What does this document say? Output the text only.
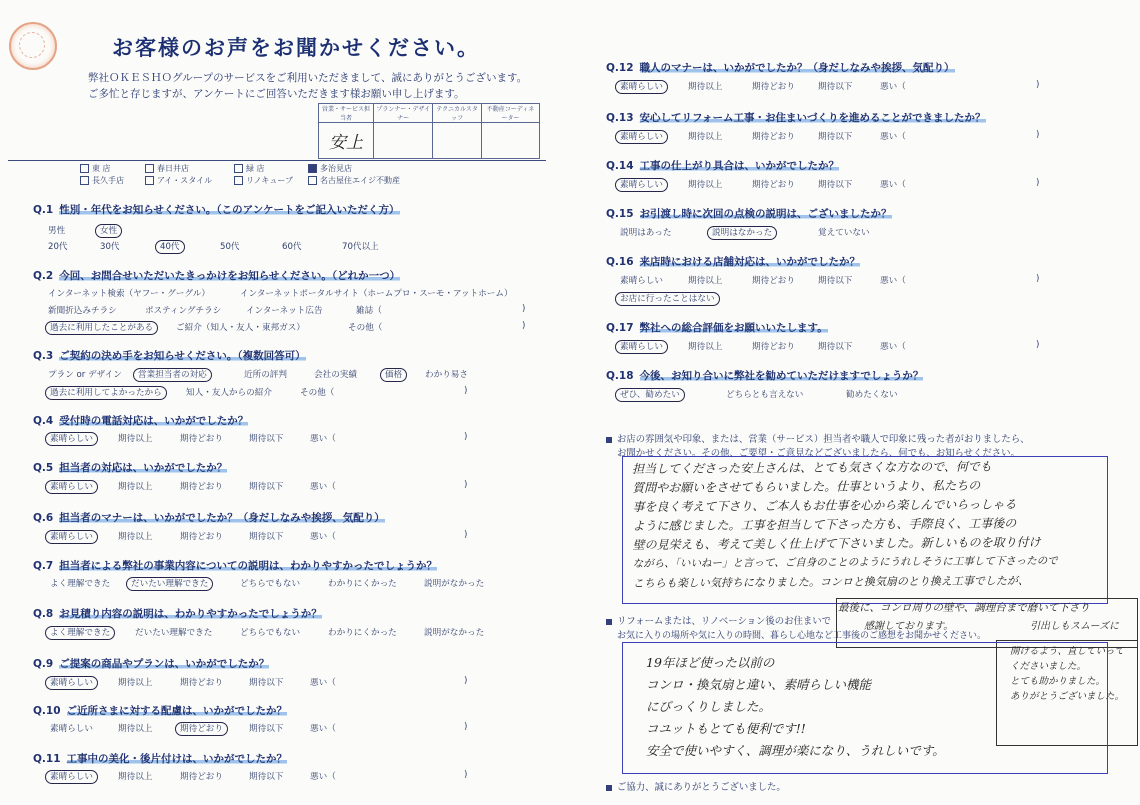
お客様のお声をお聞かせください。
弊社ＯＫＥＳＨＯグループのサービスをご利用いただきまして、誠にありがとうございます。
ご多忙と存じますが、アンケートにご回答いただきます様お願い申し上げます。
営業・サービス担当者	プランナー・デザイナー	テクニカルスタッフ	不動産コーディネーター
安上			
東 店	春日井店	緑 店	多治見店
長久手店	アイ・スタイル	リノキューブ	名古屋住エイジ不動産
Q.1 性別・年代をお知らせください。（このアンケートをご記入いただく方）
男性	女性
20代	30代	40代	50代	60代	70代以上
Q.2 今回、お問合せいただいたきっかけをお知らせください。（どれか一つ）
インターネット検索（ヤフー・グーグル）	インターネットポータルサイト（ホームプロ・スーモ・アットホーム）
新聞折込みチラシ	ポスティングチラシ	インターネット広告	雑誌（	)
過去に利用したことがある	ご紹介（知人・友人・東邦ガス）	その他（	)
Q.3 ご契約の決め手をお知らせください。（複数回答可）
プラン or デザイン 営業担当者の対応	近所の評判	会社の実績	価格	わかり易さ
過去に利用してよかったから	知人・友人からの紹介	その他（	)
Q.4 受付時の電話対応は、いかがでしたか？
素晴らしい	期待以上	期待どおり	期待以下	悪い（	)
Q.5 担当者の対応は、いかがでしたか？
素晴らしい	期待以上	期待どおり	期待以下	悪い（	)
Q.6 担当者のマナーは、いかがでしたか？（身だしなみや挨拶、気配り）
素晴らしい	期待以上	期待どおり	期待以下	悪い（	)
Q.7 担当者による弊社の事業内容についての説明は、わかりやすかったでしょうか？
よく理解できた だいたい理解できた	どちらでもない	わかりにくかった	説明がなかった
Q.8 お見積り内容の説明は、わかりやすかったでしょうか？
よく理解できた	だいたい理解できた	どちらでもない	わかりにくかった	説明がなかった
Q.9 ご提案の商品やプランは、いかがでしたか？
素晴らしい	期待以上	期待どおり	期待以下	悪い（	)
Q.10 ご近所さまに対する配慮は、いかがでしたか？
素晴らしい	期待以上	期待どおり	期待以下	悪い（	)
Q.11 工事中の美化・後片付けは、いかがでしたか？
素晴らしい	期待以上	期待どおり	期待以下	悪い（	)
Q.12 職人のマナーは、いかがでしたか？（身だしなみや挨拶、気配り）
素晴らしい	期待以上	期待どおり	期待以下	悪い（	)
Q.13 安心してリフォーム工事・お住まいづくりを進めることができましたか？
素晴らしい	期待以上	期待どおり	期待以下	悪い（	)
Q.14 工事の仕上がり具合は、いかがでしたか？
素晴らしい	期待以上	期待どおり	期待以下	悪い（	)
Q.15 お引渡し時に次回の点検の説明は、ございましたか？
説明はあった	説明はなかった	覚えていない
Q.16 来店時における店舗対応は、いかがでしたか？
素晴らしい	期待以上	期待どおり	期待以下	悪い（	)
お店に行ったことはない
Q.17 弊社への総合評価をお願いいたします。
素晴らしい	期待以上	期待どおり	期待以下	悪い（	)
Q.18 今後、お知り合いに弊社を勧めていただけますでしょうか？
ぜひ、勧めたい	どちらとも言えない	勧めたくない
お店の雰囲気や印象、または、営業（サービス）担当者や職人で印象に残った者がおりましたら、
お聞かせください。その他、ご要望・ご意見などございましたら、何でも、お知らせください。
担当してくださった安上さんは、とても気さくな方なので、何でも
質問やお願いをさせてもらいました。仕事というより、私たちの
事を良く考えて下さり、ご本人もお仕事を心から楽しんでいらっしゃる
ように感じました。工事を担当して下さった方も、手際良く、工事後の
壁の見栄えも、考えて美しく仕上げて下さいました。新しいものを取り付け
ながら、「いいねー」と言って、ご自身のことのようにうれしそうに工事して下さったので
こちらも楽しい気持ちになりました。コンロと換気扇のとり換え工事でしたが、
最後に、コンロ周りの壁や、調理台まで磨いて下さり
感謝しております。	引出しもスムーズに
開けるよう、直していって
くださいました。
とても助かりました。
ありがとうございました。
リフォームまたは、リノベーション後のお住まいで
お気に入りの場所や気に入りの時間、暮らし心地など工事後のご感想をお聞かせください。
19年ほど使った以前の
コンロ・換気扇と違い、素晴らしい機能
にびっくりしました。
コユットもとても便利です!!
安全で使いやすく、調理が楽になり、うれしいです。
ご協力、誠にありがとうございました。
